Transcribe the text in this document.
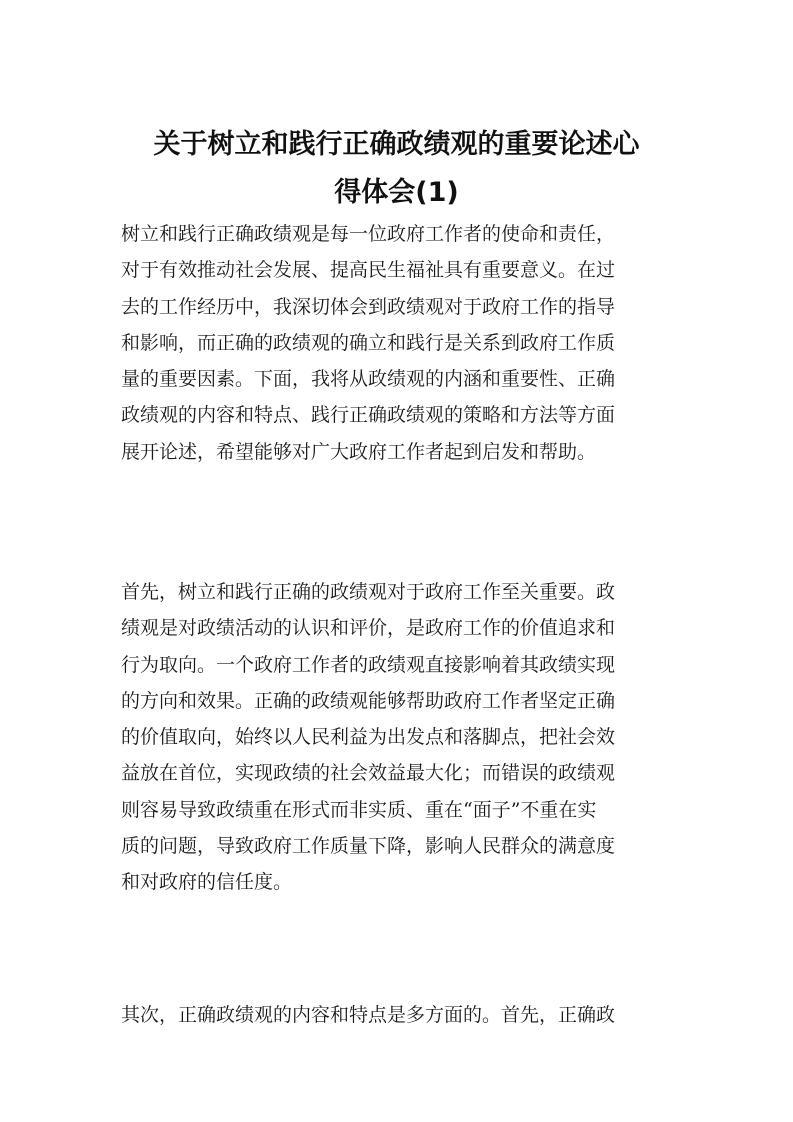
关于树立和践行正确政绩观的重要论述心
得体会(1)
树立和践行正确政绩观是每一位政府工作者的使命和责任，
对于有效推动社会发展、提高民生福祉具有重要意义。在过
去的工作经历中，我深切体会到政绩观对于政府工作的指导
和影响，而正确的政绩观的确立和践行是关系到政府工作质
量的重要因素。下面，我将从政绩观的内涵和重要性、正确
政绩观的内容和特点、践行正确政绩观的策略和方法等方面
展开论述，希望能够对广大政府工作者起到启发和帮助。
首先，树立和践行正确的政绩观对于政府工作至关重要。政
绩观是对政绩活动的认识和评价，是政府工作的价值追求和
行为取向。一个政府工作者的政绩观直接影响着其政绩实现
的方向和效果。正确的政绩观能够帮助政府工作者坚定正确
的价值取向，始终以人民利益为出发点和落脚点，把社会效
益放在首位，实现政绩的社会效益最大化；而错误的政绩观
则容易导致政绩重在形式而非实质、重在“面子”不重在实
质的问题，导致政府工作质量下降，影响人民群众的满意度
和对政府的信任度。
其次，正确政绩观的内容和特点是多方面的。首先，正确政
